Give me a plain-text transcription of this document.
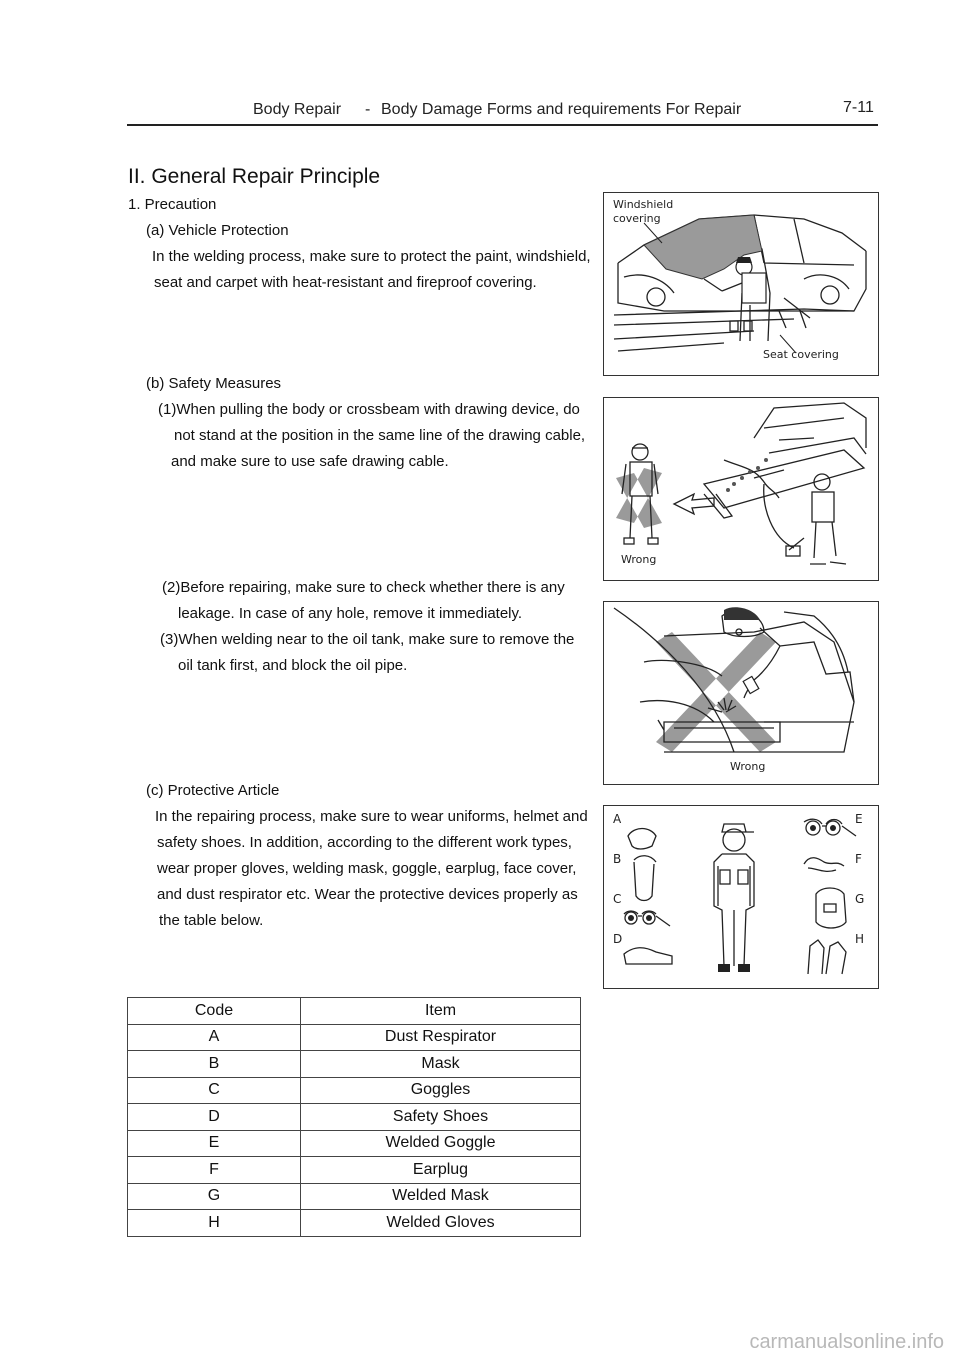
Body Repair - Body Damage Forms and requirements For Repair	7-11
II. General Repair Principle
1. Precaution
(a) Vehicle Protection
In the welding process, make sure to protect the paint, windshield,
seat and carpet with heat-resistant and fireproof covering.
(b) Safety Measures
(1)When pulling the body or crossbeam with drawing device, do
not stand at the position in the same line of the drawing cable,
and make sure to use safe drawing cable.
(2)Before repairing, make sure to check whether there is any
leakage. In case of any hole, remove it immediately.
(3)When welding near to the oil tank, make sure to remove the
oil tank first, and block the oil pipe.
(c) Protective Article
In the repairing process, make sure to wear uniforms, helmet and
safety shoes. In addition, according to the different work types,
wear proper gloves, welding mask, goggle, earplug, face cover,
and dust respirator etc. Wear the protective devices properly as
the table below.
Windshield
covering
Seat covering
Wrong
Wrong
A
B
C
D
E
F
G
H
Code	Item
A	Dust Respirator
B	Mask
C	Goggles
D	Safety Shoes
E	Welded Goggle
F	Earplug
G	Welded Mask
H	Welded Gloves
carmanualsonline.info
